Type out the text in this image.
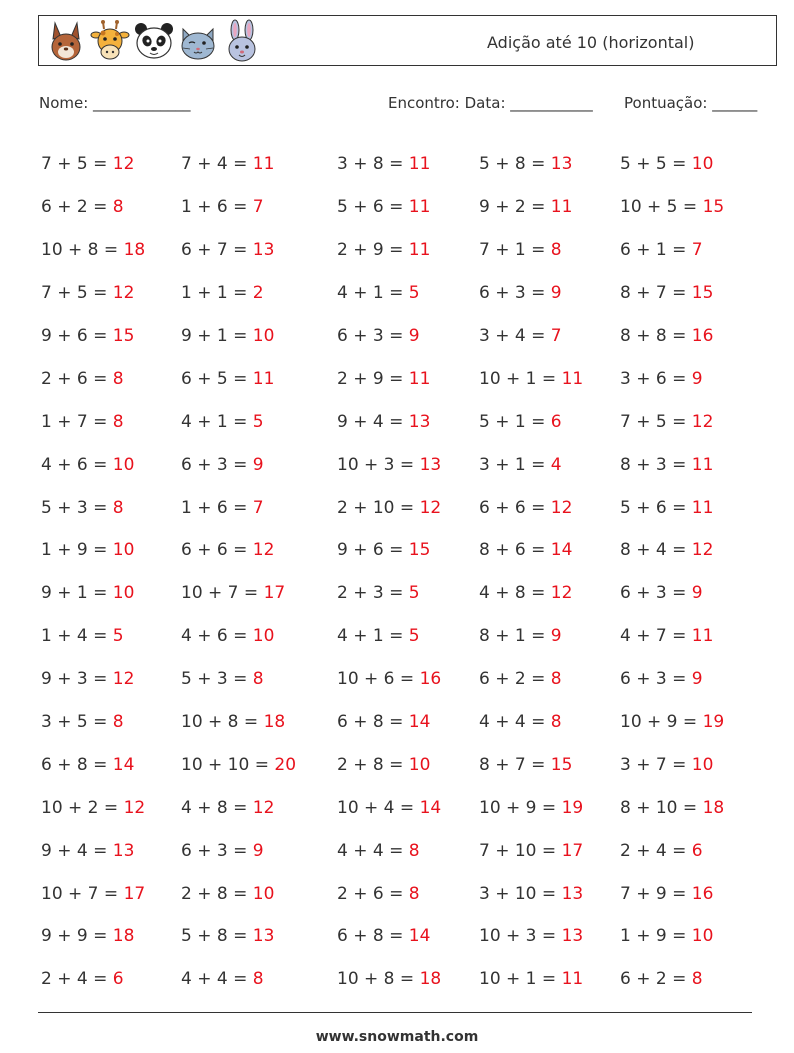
Adição até 10 (horizontal)
Nome: _____________	Encontro: Data: ___________ Pontuação: ______
7 + 5 = 12	7 + 4 = 11	3 + 8 = 11	5 + 8 = 13	5 + 5 = 10
6 + 2 = 8	1 + 6 = 7	5 + 6 = 11	9 + 2 = 11	10 + 5 = 15
10 + 8 = 18	6 + 7 = 13	2 + 9 = 11	7 + 1 = 8	6 + 1 = 7
7 + 5 = 12	1 + 1 = 2	4 + 1 = 5	6 + 3 = 9	8 + 7 = 15
9 + 6 = 15	9 + 1 = 10	6 + 3 = 9	3 + 4 = 7	8 + 8 = 16
2 + 6 = 8	6 + 5 = 11	2 + 9 = 11	10 + 1 = 11	3 + 6 = 9
1 + 7 = 8	4 + 1 = 5	9 + 4 = 13	5 + 1 = 6	7 + 5 = 12
4 + 6 = 10	6 + 3 = 9	10 + 3 = 13	3 + 1 = 4	8 + 3 = 11
5 + 3 = 8	1 + 6 = 7	2 + 10 = 12	6 + 6 = 12	5 + 6 = 11
1 + 9 = 10	6 + 6 = 12	9 + 6 = 15	8 + 6 = 14	8 + 4 = 12
9 + 1 = 10	10 + 7 = 17	2 + 3 = 5	4 + 8 = 12	6 + 3 = 9
1 + 4 = 5	4 + 6 = 10	4 + 1 = 5	8 + 1 = 9	4 + 7 = 11
9 + 3 = 12	5 + 3 = 8	10 + 6 = 16	6 + 2 = 8	6 + 3 = 9
3 + 5 = 8	10 + 8 = 18	6 + 8 = 14	4 + 4 = 8	10 + 9 = 19
6 + 8 = 14	10 + 10 = 20	2 + 8 = 10	8 + 7 = 15	3 + 7 = 10
10 + 2 = 12	4 + 8 = 12	10 + 4 = 14	10 + 9 = 19	8 + 10 = 18
9 + 4 = 13	6 + 3 = 9	4 + 4 = 8	7 + 10 = 17	2 + 4 = 6
10 + 7 = 17	2 + 8 = 10	2 + 6 = 8	3 + 10 = 13	7 + 9 = 16
9 + 9 = 18	5 + 8 = 13	6 + 8 = 14	10 + 3 = 13	1 + 9 = 10
2 + 4 = 6	4 + 4 = 8	10 + 8 = 18	10 + 1 = 11	6 + 2 = 8
www.snowmath.com
